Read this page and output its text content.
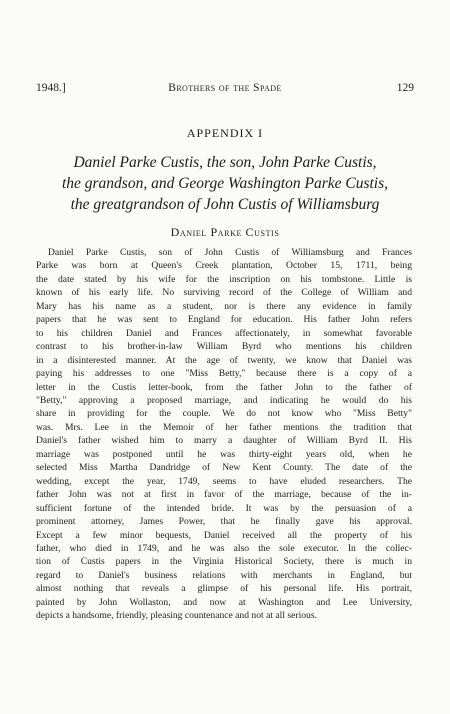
1948.]	Brothers of the Spade	129
APPENDIX I
Daniel Parke Custis, the son, John Parke Custis,
the grandson, and George Washington Parke Custis,
the greatgrandson of John Custis of Williamsburg
Daniel Parke Custis
Daniel Parke Custis, son of John Custis of Williamsburg and Frances
Parke was born at Queen's Creek plantation, October 15, 1711, being
the date stated by his wife for the inscription on his tombstone. Little is
known of his early life. No surviving record of the College of William and
Mary has his name as a student, nor is there any evidence in family
papers that he was sent to England for education. His father John refers
to his children Daniel and Frances affectionately, in somewhat favorable
contrast to his brother-in-law William Byrd who mentions his children
in a disinterested manner. At the age of twenty, we know that Daniel was
paying his addresses to one "Miss Betty," because there is a copy of a
letter in the Custis letter-book, from the father John to the father of
"Betty," approving a proposed marriage, and indicating he would do his
share in providing for the couple. We do not know who "Miss Betty"
was. Mrs. Lee in the Memoir of her father mentions the tradition that
Daniel's father wished him to marry a daughter of William Byrd II. His
marriage was postponed until he was thirty-eight years old, when he
selected Miss Martha Dandridge of New Kent County. The date of the
wedding, except the year, 1749, seems to have eluded researchers. The
father John was not at first in favor of the marriage, because of the in-
sufficient fortune of the intended bride. It was by the persuasion of a
prominent attorney, James Power, that he finally gave his approval.
Except a few minor bequests, Daniel received all the property of his
father, who died in 1749, and he was also the sole executor. In the collec-
tion of Custis papers in the Virginia Historical Society, there is much in
regard to Daniel's business relations with merchants in England, but
almost nothing that reveals a glimpse of his personal life. His portrait,
painted by John Wollaston, and now at Washington and Lee University,
depicts a handsome, friendly, pleasing countenance and not at all serious.
